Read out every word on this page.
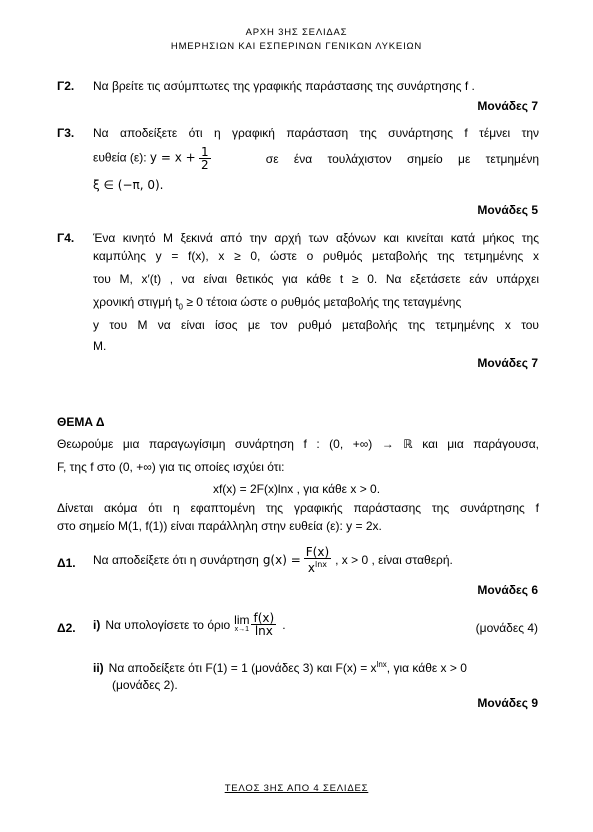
ΑΡΧΗ 3ΗΣ ΣΕΛΙΔΑΣ
ΗΜΕΡΗΣΙΩΝ ΚΑΙ ΕΣΠΕΡΙΝΩΝ ΓΕΝΙΚΩΝ ΛΥΚΕΙΩΝ
Γ2. Να βρείτε τις ασύμπτωτες της γραφικής παράστασης της συνάρτησης f .
Μονάδες 7
Γ3. Να αποδείξετε ότι η γραφική παράσταση της συνάρτησης f τέμνει την
ευθεία (ε): $y = x + \frac{1}{2}$	σε ένα τουλάχιστον σημείο με τετμημένη
ξ ∈ (−π, 0).
Μονάδες 5
Γ4. Ένα κινητό Μ ξεκινά από την αρχή των αξόνων και κινείται κατά μήκος της
καμπύλης y = f(x), x ≥ 0, ώστε ο ρυθμός μεταβολής της τετμημένης x
του Μ, x′(t) , να είναι θετικός για κάθε t ≥ 0. Να εξετάσετε εάν υπάρχει
χρονική στιγμή $t_0 \ge 0$ τέτοια ώστε ο ρυθμός μεταβολής της τεταγμένης
y του Μ να είναι ίσος με τον ρυθμό μεταβολής της τετμημένης x του
Μ.
Μονάδες 7
ΘΕΜΑ Δ
Θεωρούμε μια παραγωγίσιμη συνάρτηση f : (0, +∞) → ℝ και μια παράγουσα,
F, της f στο (0, +∞) για τις οποίες ισχύει ότι:
xf(x) = 2F(x)lnx , για κάθε x > 0.
Δίνεται ακόμα ότι η εφαπτομένη της γραφικής παράστασης της συνάρτησης f
στο σημείο Μ(1, f(1)) είναι παράλληλη στην ευθεία (ε): y = 2x.
Δ1. Να αποδείξετε ότι η συνάρτηση $g(x) = \frac{F(x)}{x^{lnx}}$ , x > 0 , είναι σταθερή.
Μονάδες 6
Δ2. i) Να υπολογίσετε το όριο lim
$x\to 1 \frac{f(x)}{\ln x}$ .	(μονάδες 4)
ii) Να αποδείξετε ότι F(1) = 1 (μονάδες 3) και $F(x) = x^{lnx}$, για κάθε x > 0
(μονάδες 2).
Μονάδες 9
ΤΕΛΟΣ 3ΗΣ ΑΠΟ 4 ΣΕΛΙΔΕΣ
